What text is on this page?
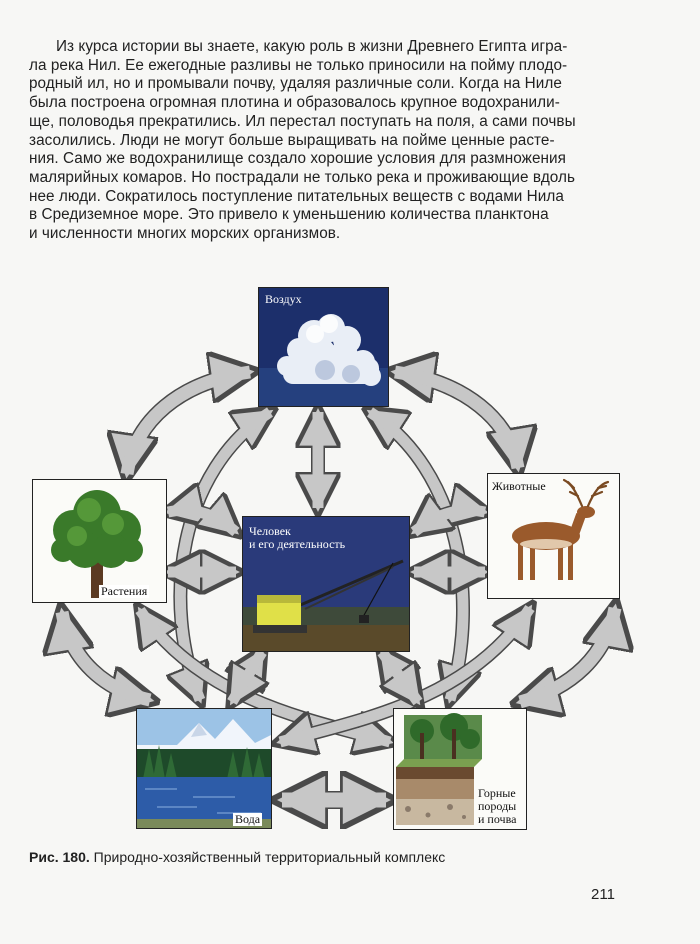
Из курса истории вы знаете, какую роль в жизни Древнего Египта игра-
ла река Нил. Ее ежегодные разливы не только приносили на пойму плодо-
родный ил, но и промывали почву, удаляя различные соли. Когда на Ниле
была построена огромная плотина и образовалось крупное водохранили-
ще, половодья прекратились. Ил перестал поступать на поля, а сами почвы
засолились. Люди не могут больше выращивать на пойме ценные расте-
ния. Само же водохранилище создало хорошие условия для размножения
малярийных комаров. Но пострадали не только река и проживающие вдоль
нее люди. Сократилось поступление питательных веществ с водами Нила
в Средиземное море. Это привело к уменьшению количества планктона
и численности многих морских организмов.
Воздух
Растения
Человек
и его деятельность
Животные
Вода
Горные
породы
и почва
Рис. 180. Природно-хозяйственный территориальный комплекс
211
